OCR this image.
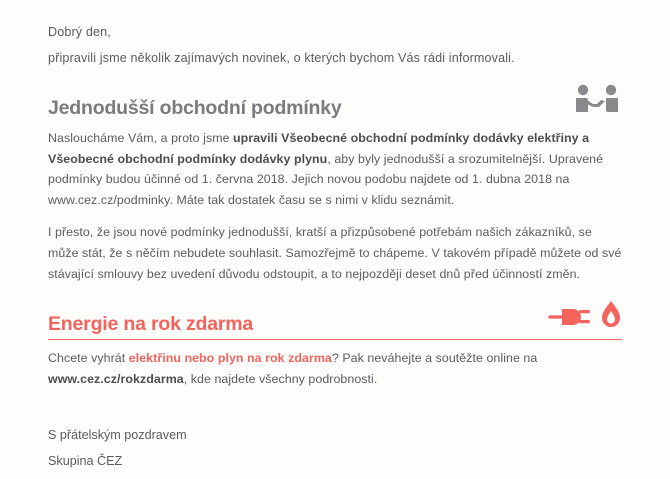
Dobrý den,

připravili jsme několik zajímavých novinek, o kterých bychom Vás rádi informovali.

Jednodušší obchodní podmínky

Nasloucháme Vám, a proto jsme upravili Všeobecné obchodní podmínky dodávky elektřiny a Všeobecné obchodní podmínky dodávky plynu, aby byly jednodušší a srozumitelnější. Upravené podmínky budou účinné od 1. června 2018. Jejich novou podobu najdete od 1. dubna 2018 na www.cez.cz/podminky. Máte tak dostatek času se s nimi v klidu seznámit.

I přesto, že jsou nové podmínky jednodušší, kratší a přizpůsobené potřebám našich zákazníků, se může stát, že s něčím nebudete souhlasit. Samozřejmě to chápeme. V takovém případě můžete od své stávající smlouvy bez uvedení důvodu odstoupit, a to nejpozději deset dnů před účinností změn.

Energie na rok zdarma

Chcete vyhrát elektřinu nebo plyn na rok zdarma? Pak neváhejte a soutěžte online na www.cez.cz/rokzdarma, kde najdete všechny podrobnosti.

S přátelským pozdravem

Skupina ČEZ
